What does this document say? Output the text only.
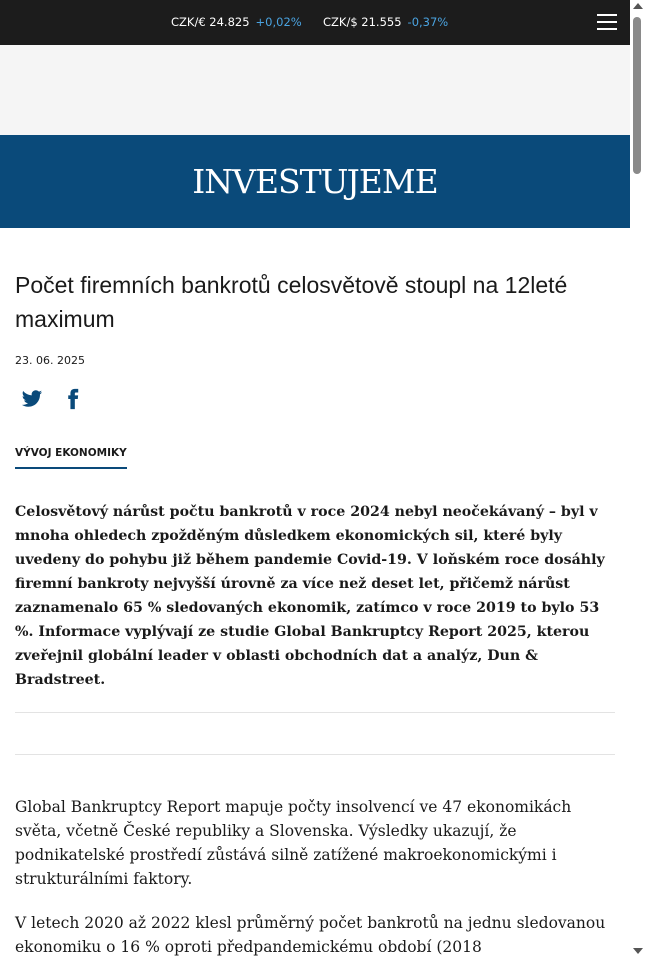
CZK/€ 24.825 +0,02% CZK/$ 21.555 -0,37%
INVESTUJEME
Počet firemních bankrotů celosvětově stoupl na 12leté maximum
23. 06. 2025

VÝVOJ EKONOMIKY

Celosvětový nárůst počtu bankrotů v roce 2024 nebyl neočekávaný – byl v mnoha ohledech zpožděným důsledkem ekonomických sil, které byly uvedeny do pohybu již během pandemie Covid-19. V loňském roce dosáhly firemní bankroty nejvyšší úrovně za více než deset let, přičemž nárůst zaznamenalo 65 % sledovaných ekonomik, zatímco v roce 2019 to bylo 53 %. Informace vyplývají ze studie Global Bankruptcy Report 2025, kterou zveřejnil globální leader v oblasti obchodních dat a analýz, Dun & Bradstreet.

Global Bankruptcy Report mapuje počty insolvencí ve 47 ekonomikách světa, včetně České republiky a Slovenska. Výsledky ukazují, že podnikatelské prostředí zůstává silně zatížené makroekonomickými i strukturálními faktory.

V letech 2020 až 2022 klesl průměrný počet bankrotů na jednu sledovanou ekonomiku o 16 % oproti předpandemickému období (2018
